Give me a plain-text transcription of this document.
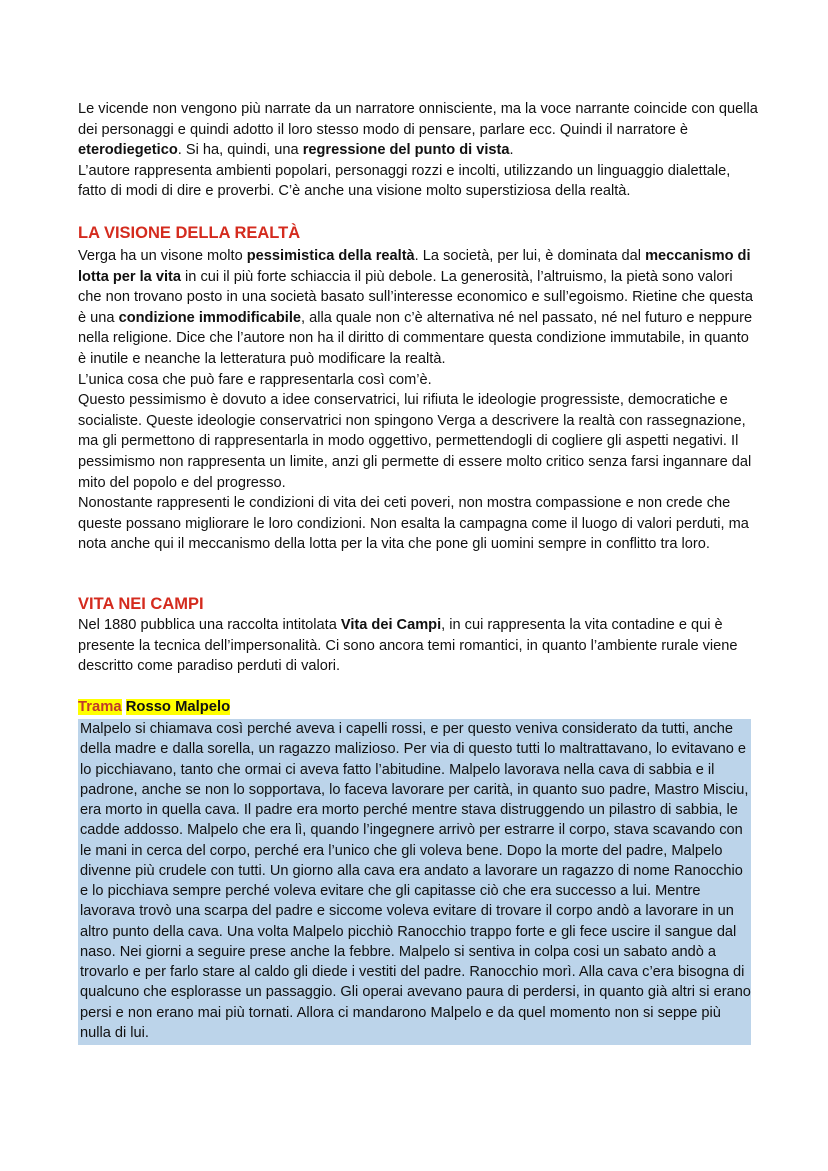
Le vicende non vengono più narrate da un narratore onnisciente, ma la voce narrante coincide con quella dei personaggi e quindi adotto il loro stesso modo di pensare, parlare ecc. Quindi il narratore è eterodiegetico. Si ha, quindi, una regressione del punto di vista.

L’autore rappresenta ambienti popolari, personaggi rozzi e incolti, utilizzando un linguaggio dialettale, fatto di modi di dire e proverbi. C’è anche una visione molto superstiziosa della realtà.

LA VISIONE DELLA REALTÀ

Verga ha un visone molto pessimistica della realtà. La società, per lui, è dominata dal meccanismo di lotta per la vita in cui il più forte schiaccia il più debole. La generosità, l’altruismo, la pietà sono valori che non trovano posto in una società basato sull’interesse economico e sull’egoismo. Rietine che questa è una condizione immodificabile, alla quale non c’è alternativa né nel passato, né nel futuro e neppure nella religione. Dice che l’autore non ha il diritto di commentare questa condizione immutabile, in quanto è inutile e neanche la letteratura può modificare la realtà.

L’unica cosa che può fare e rappresentarla così com’è.

Questo pessimismo è dovuto a idee conservatrici, lui rifiuta le ideologie progressiste, democratiche e socialiste. Queste ideologie conservatrici non spingono Verga a descrivere la realtà con rassegnazione, ma gli permettono di rappresentarla in modo oggettivo, permettendogli di cogliere gli aspetti negativi. Il pessimismo non rappresenta un limite, anzi gli permette di essere molto critico senza farsi ingannare dal mito del popolo e del progresso.

Nonostante rappresenti le condizioni di vita dei ceti poveri, non mostra compassione e non crede che queste possano migliorare le loro condizioni. Non esalta la campagna come il luogo di valori perduti, ma nota anche qui il meccanismo della lotta per la vita che pone gli uomini sempre in conflitto tra loro.

VITA NEI CAMPI

Nel 1880 pubblica una raccolta intitolata Vita dei Campi, in cui rappresenta la vita contadine e qui è presente la tecnica dell’impersonalità. Ci sono ancora temi romantici, in quanto l’ambiente rurale viene descritto come paradiso perduti di valori.

Trama Rosso Malpelo

Malpelo si chiamava così perché aveva i capelli rossi, e per questo veniva considerato da tutti, anche della madre e dalla sorella, un ragazzo malizioso. Per via di questo tutti lo maltrattavano, lo evitavano e lo picchiavano, tanto che ormai ci aveva fatto l’abitudine. Malpelo lavorava nella cava di sabbia e il padrone, anche se non lo sopportava, lo faceva lavorare per carità, in quanto suo padre, Mastro Misciu, era morto in quella cava. Il padre era morto perché mentre stava distruggendo un pilastro di sabbia, le cadde addosso. Malpelo che era lì, quando l’ingegnere arrivò per estrarre il corpo, stava scavando con le mani in cerca del corpo, perché era l’unico che gli voleva bene. Dopo la morte del padre, Malpelo divenne più crudele con tutti. Un giorno alla cava era andato a lavorare un ragazzo di nome Ranocchio e lo picchiava sempre perché voleva evitare che gli capitasse ciò che era successo a lui. Mentre lavorava trovò una scarpa del padre e siccome voleva evitare di trovare il corpo andò a lavorare in un altro punto della cava. Una volta Malpelo picchiò Ranocchio trappo forte e gli fece uscire il sangue dal naso. Nei giorni a seguire prese anche la febbre. Malpelo si sentiva in colpa cosi un sabato andò a trovarlo e per farlo stare al caldo gli diede i vestiti del padre. Ranocchio morì. Alla cava c’era bisogna di qualcuno che esplorasse un passaggio. Gli operai avevano paura di perdersi, in quanto già altri si erano persi e non erano mai più tornati. Allora ci mandarono Malpelo e da quel momento non si seppe più nulla di lui.
